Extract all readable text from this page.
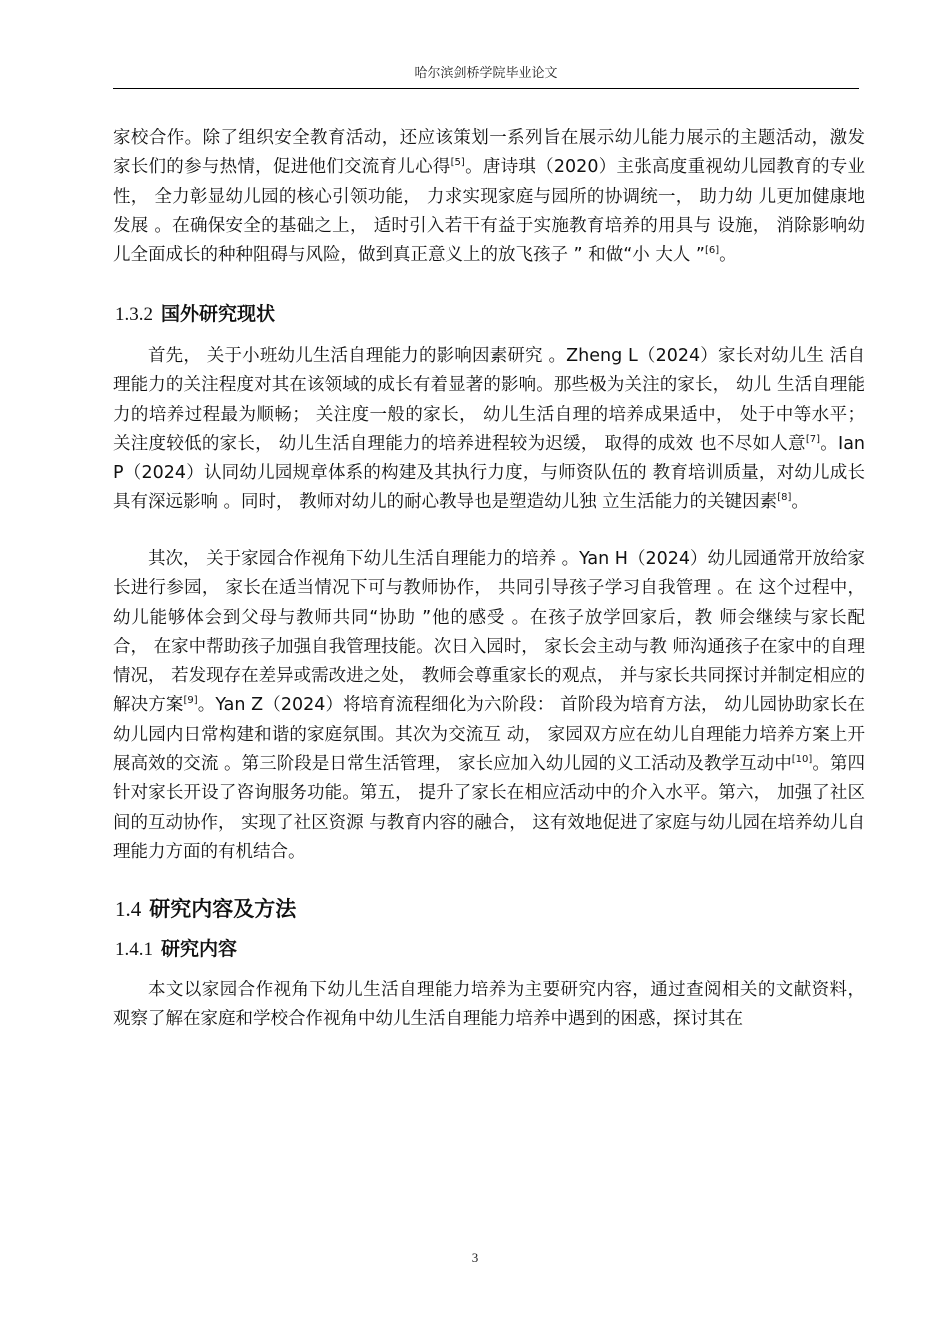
哈尔滨剑桥学院毕业论文
家校合作。除了组织安全教育活动，还应该策划一系列旨在展示幼儿能力展示的主题活动，激发家长们的参与热情，促进他们交流育儿心得[5]。唐诗琪（2020）主张高度重视幼儿园教育的专业性， 全力彰显幼儿园的核心引领功能， 力求实现家庭与园所的协调统一， 助力幼 儿更加健康地发展 。在确保安全的基础之上， 适时引入若干有益于实施教育培养的用具与 设施， 消除影响幼儿全面成长的种种阻碍与风险，做到真正意义上的放飞孩子 ” 和做“小 大人 ”[6]。
1.3.2 国外研究现状
首先， 关于小班幼儿生活自理能力的影响因素研究 。Zheng L（2024）家长对幼儿生 活自理能力的关注程度对其在该领域的成长有着显著的影响。那些极为关注的家长， 幼儿 生活自理能力的培养过程最为顺畅； 关注度一般的家长， 幼儿生活自理的培养成果适中， 处于中等水平； 关注度较低的家长， 幼儿生活自理能力的培养进程较为迟缓， 取得的成效 也不尽如人意[7]。Ian P（2024）认同幼儿园规章体系的构建及其执行力度，与师资队伍的 教育培训质量，对幼儿成长具有深远影响 。同时， 教师对幼儿的耐心教导也是塑造幼儿独 立生活能力的关键因素[8]。
其次， 关于家园合作视角下幼儿生活自理能力的培养 。Yan H（2024）幼儿园通常开放给家长进行参园， 家长在适当情况下可与教师协作， 共同引导孩子学习自我管理 。在 这个过程中， 幼儿能够体会到父母与教师共同“协助 ”他的感受 。在孩子放学回家后，教 师会继续与家长配合， 在家中帮助孩子加强自我管理技能。次日入园时， 家长会主动与教 师沟通孩子在家中的自理情况， 若发现存在差异或需改进之处， 教师会尊重家长的观点， 并与家长共同探讨并制定相应的解决方案[9]。Yan Z（2024）将培育流程细化为六阶段： 首阶段为培育方法， 幼儿园协助家长在幼儿园内日常构建和谐的家庭氛围。其次为交流互 动， 家园双方应在幼儿自理能力培养方案上开展高效的交流 。第三阶段是日常生活管理， 家长应加入幼儿园的义工活动及教学互动中[10]。第四针对家长开设了咨询服务功能。第五， 提升了家长在相应活动中的介入水平。第六， 加强了社区间的互动协作， 实现了社区资源 与教育内容的融合， 这有效地促进了家庭与幼儿园在培养幼儿自理能力方面的有机结合。
1.4 研究内容及方法
1.4.1 研究内容
本文以家园合作视角下幼儿生活自理能力培养为主要研究内容，通过查阅相关的文献资料， 观察了解在家庭和学校合作视角中幼儿生活自理能力培养中遇到的困惑，探讨其在
3
